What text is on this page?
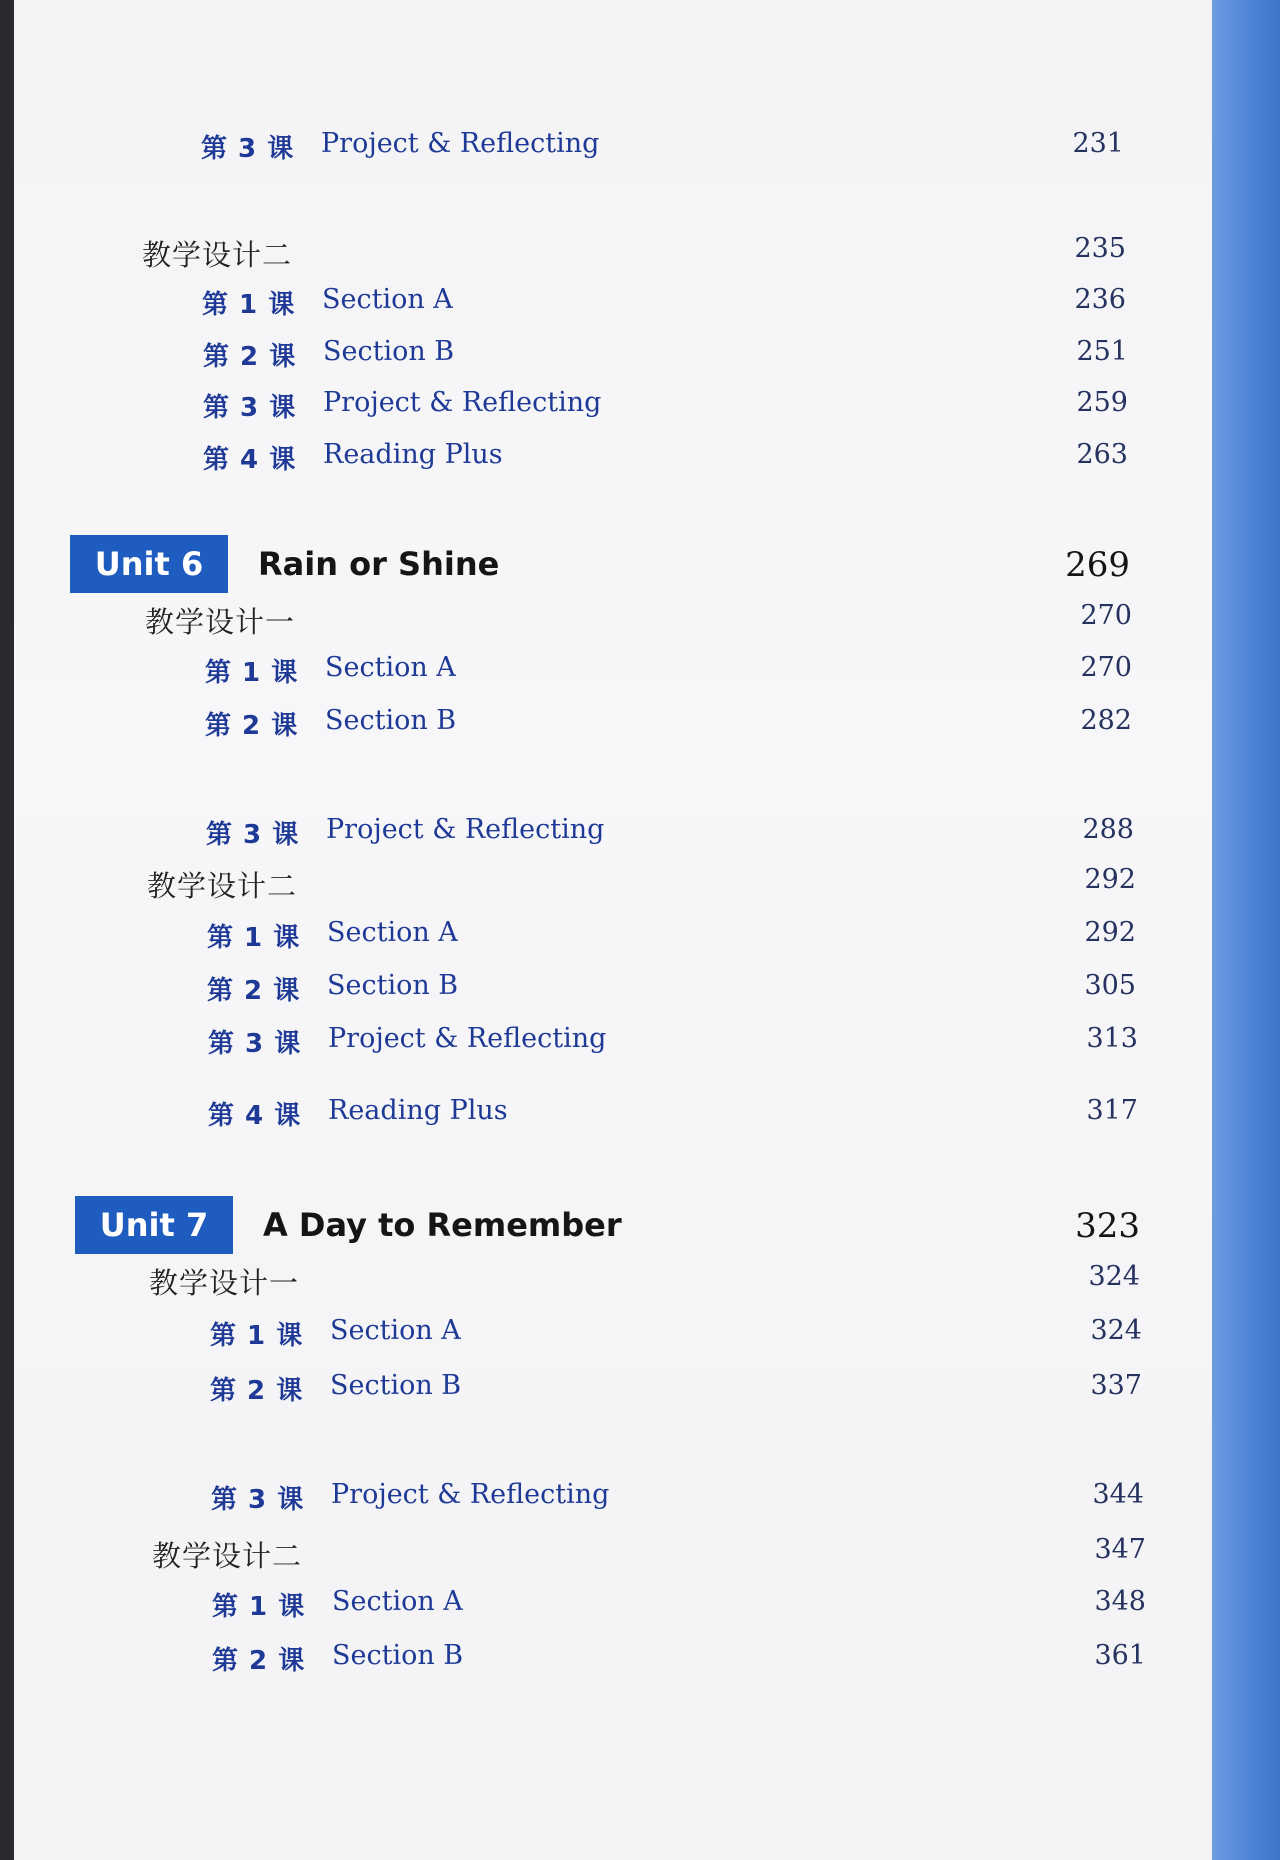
第 3 课 Project & Reflecting	231
教学设计二	235
第 1 课 Section A	236
第 2 课 Section B	251
第 3 课 Project & Reflecting	259
第 4 课 Reading Plus	263
Unit 6	Rain or Shine	269
教学设计一	270
第 1 课 Section A	270
第 2 课 Section B	282
第 3 课 Project & Reflecting	288
教学设计二	292
第 1 课 Section A	292
第 2 课 Section B	305
第 3 课 Project & Reflecting	313
第 4 课 Reading Plus	317
Unit 7	A Day to Remember	323
教学设计一	324
第 1 课 Section A	324
第 2 课 Section B	337
第 3 课 Project & Reflecting	344
教学设计二	347
第 1 课 Section A	348
第 2 课 Section B	361
